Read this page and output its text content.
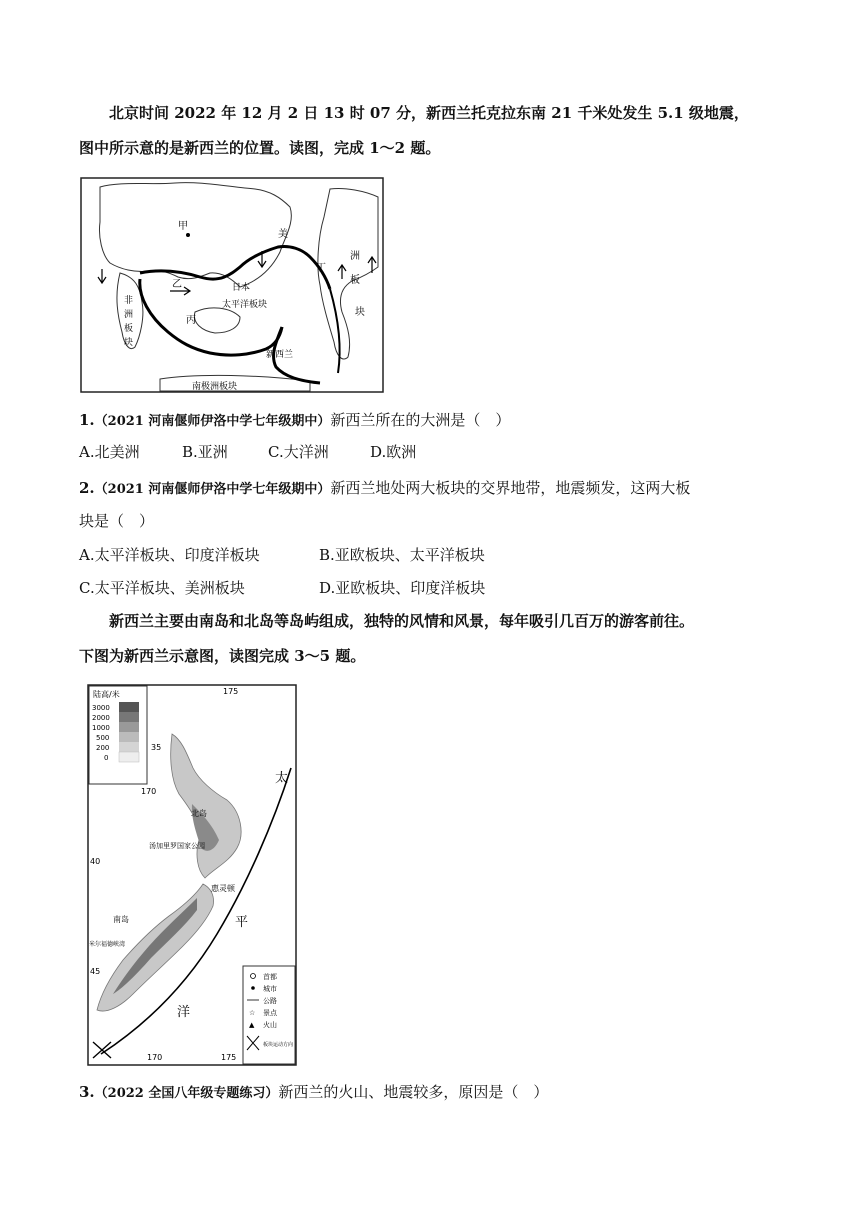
北京时间 2022 年 12 月 2 日 13 时 07 分，新西兰托克拉东南 21 千米处发生 5.1 级地震，
图中所示意的是新西兰的位置。读图，完成 1～2 题。
甲
美
洲
板
块
丁
乙	日本
太平洋板块
非
洲
板
块
丙
新西兰
南极洲板块
1.（2021 河南偃师伊洛中学七年级期中）新西兰所在的大洲是（　）
A.北美洲	B.亚洲	C.大洋洲	D.欧洲
2.（2021 河南偃师伊洛中学七年级期中）新西兰地处两大板块的交界地带，地震频发，这两大板
块是（　）
A.太平洋板块、印度洋板块	B.亚欧板块、太平洋板块
C.太平洋板块、美洲板块	D.亚欧板块、印度洋板块
新西兰主要由南岛和北岛等岛屿组成，独特的风情和风景，每年吸引几百万的游客前往。
下图为新西兰示意图，读图完成 3～5 题。
陆高/米
3000
2000
1000
500
200
0
175
170
35
40
45
170	175
北岛
汤加里罗国家公园
惠灵顿
南岛
米尔福德峡湾
太
平
洋	☆
▲
首都
城市
公路
景点
火山
板块运动方向
3.（2022 全国八年级专题练习）新西兰的火山、地震较多，原因是（　）
